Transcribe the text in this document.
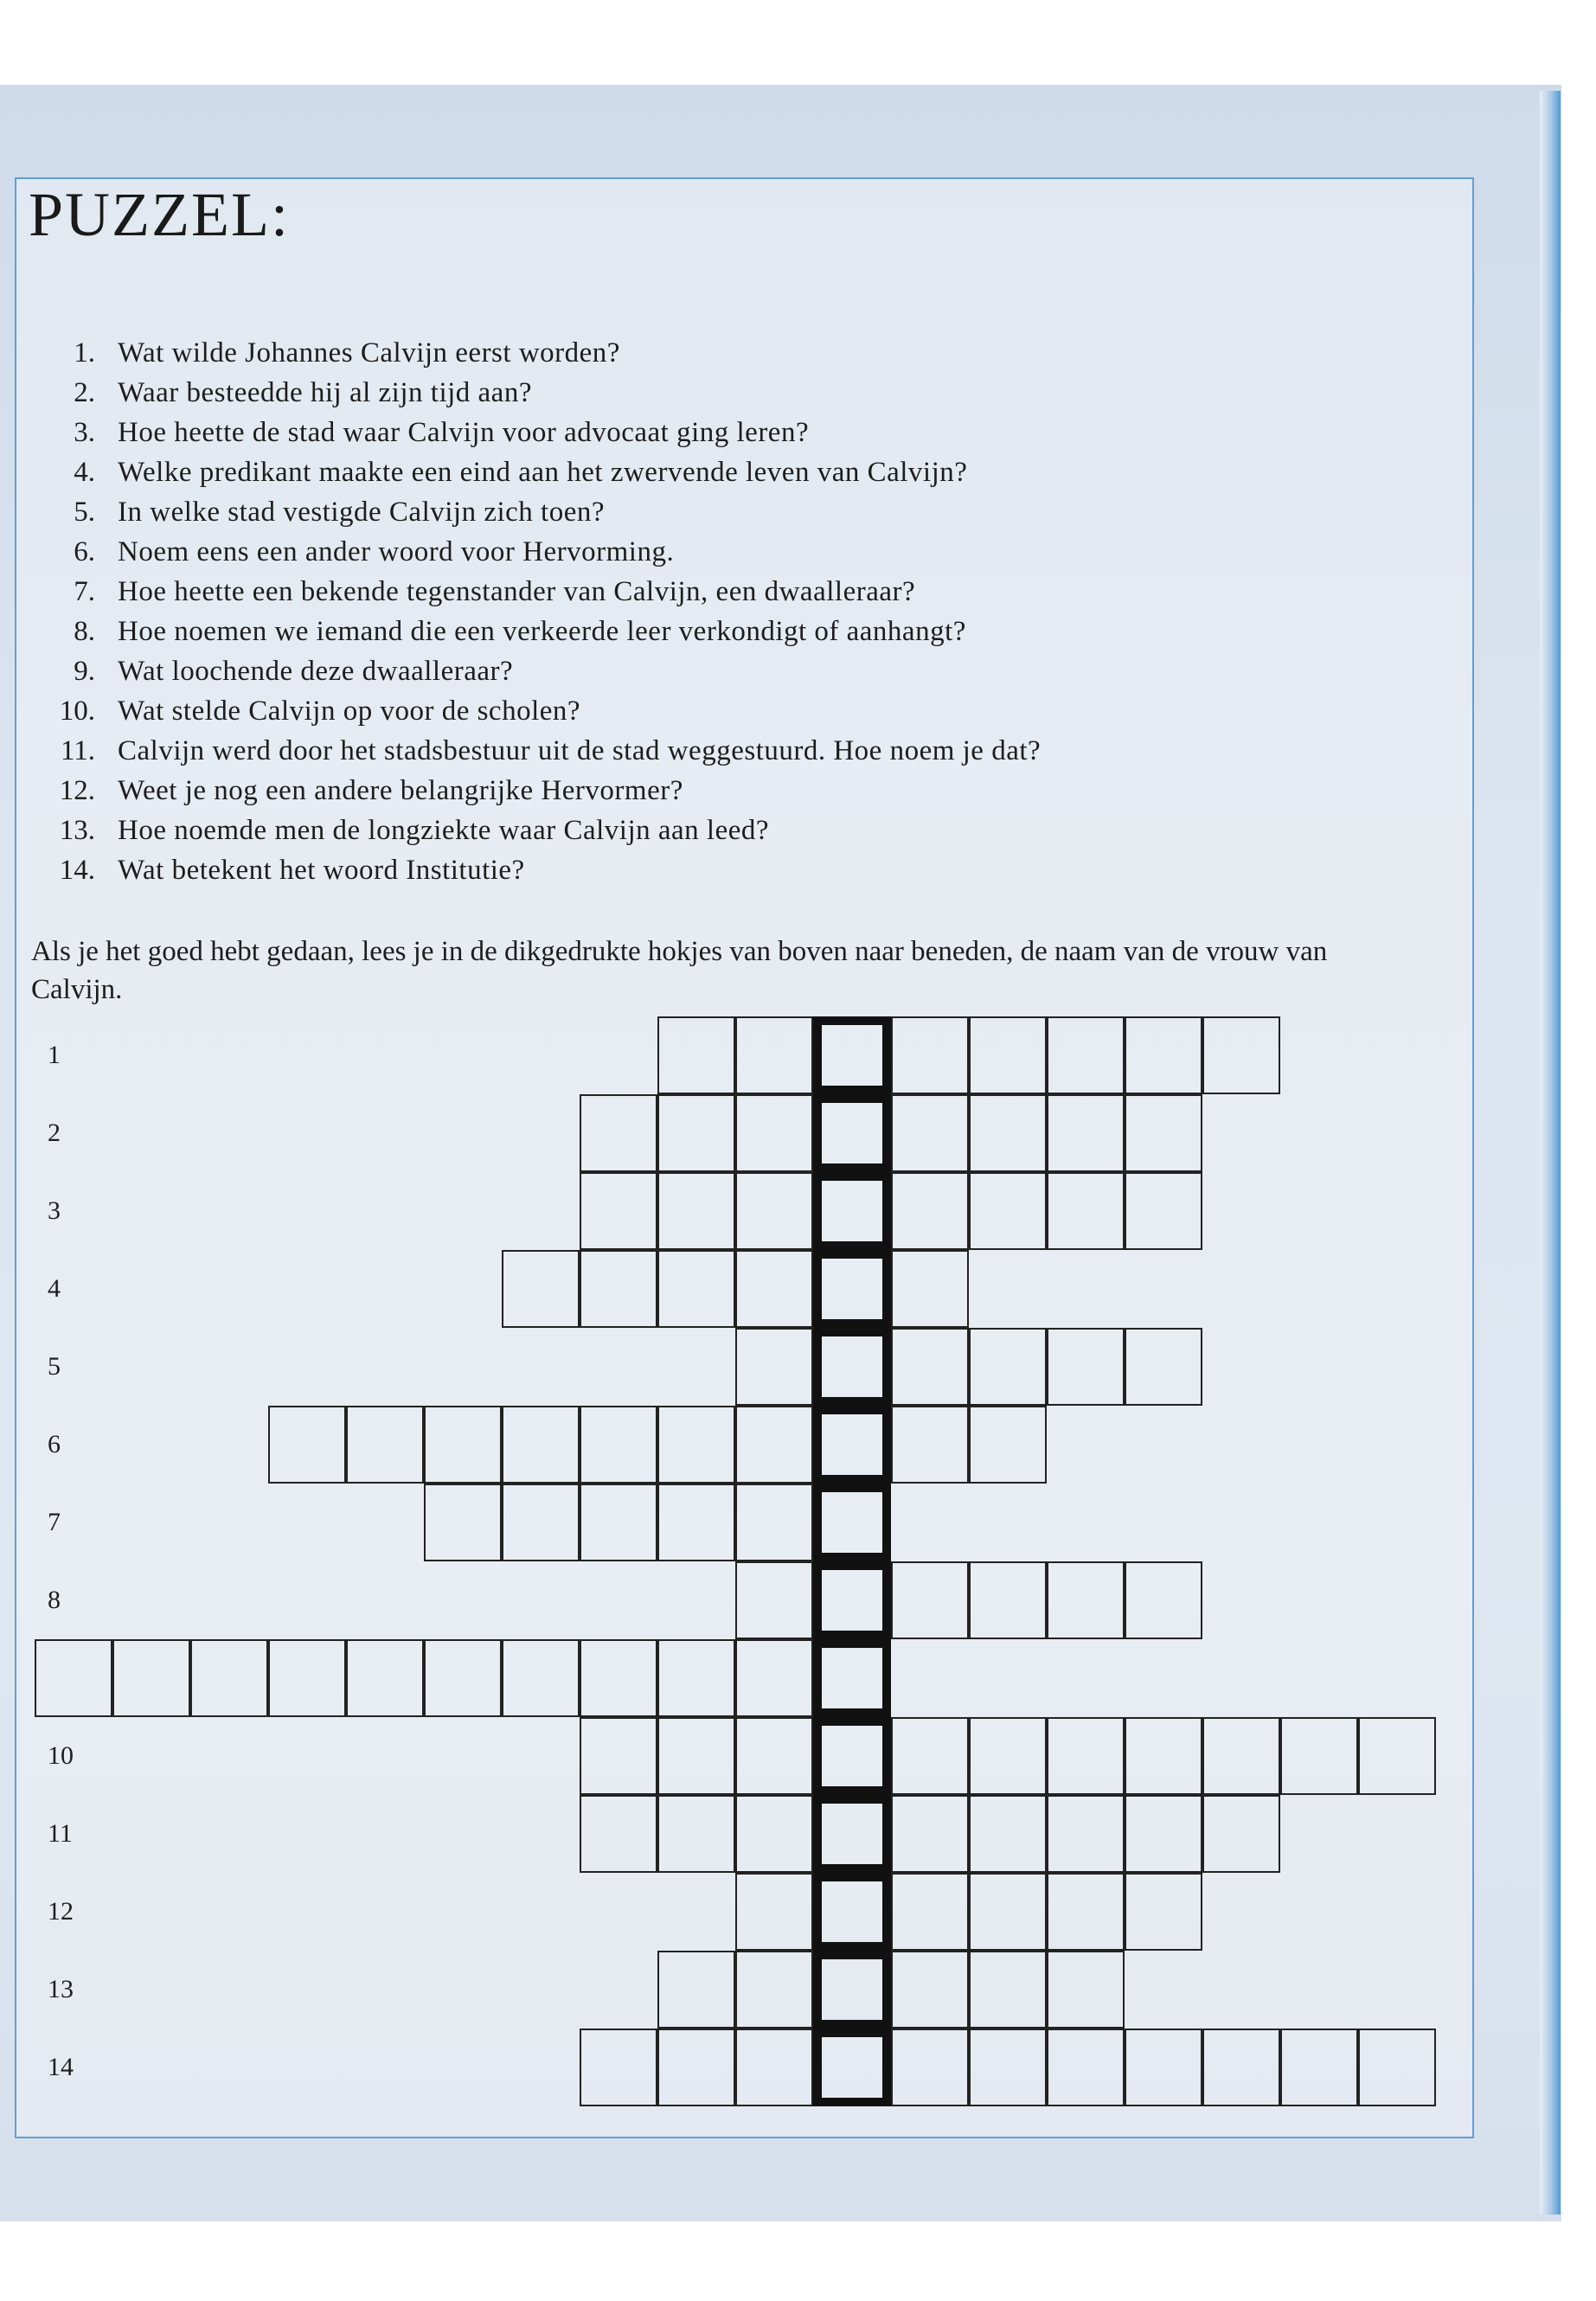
PUZZEL:
1. Wat wilde Johannes Calvijn eerst worden?
2. Waar besteedde hij al zijn tijd aan?
3. Hoe heette de stad waar Calvijn voor advocaat ging leren?
4. Welke predikant maakte een eind aan het zwervende leven van Calvijn?
5. In welke stad vestigde Calvijn zich toen?
6. Noem eens een ander woord voor Hervorming.
7. Hoe heette een bekende tegenstander van Calvijn, een dwaalleraar?
8. Hoe noemen we iemand die een verkeerde leer verkondigt of aanhangt?
9. Wat loochende deze dwaalleraar?
10. Wat stelde Calvijn op voor de scholen?
11. Calvijn werd door het stadsbestuur uit de stad weggestuurd. Hoe noem je dat?
12. Weet je nog een andere belangrijke Hervormer?
13. Hoe noemde men de longziekte waar Calvijn aan leed?
14. Wat betekent het woord Institutie?
Als je het goed hebt gedaan, lees je in de dikgedrukte hokjes van boven naar beneden, de naam van de vrouw van Calvijn.
1
2
3
4
5
6
7
8
10
11
12
13
14
